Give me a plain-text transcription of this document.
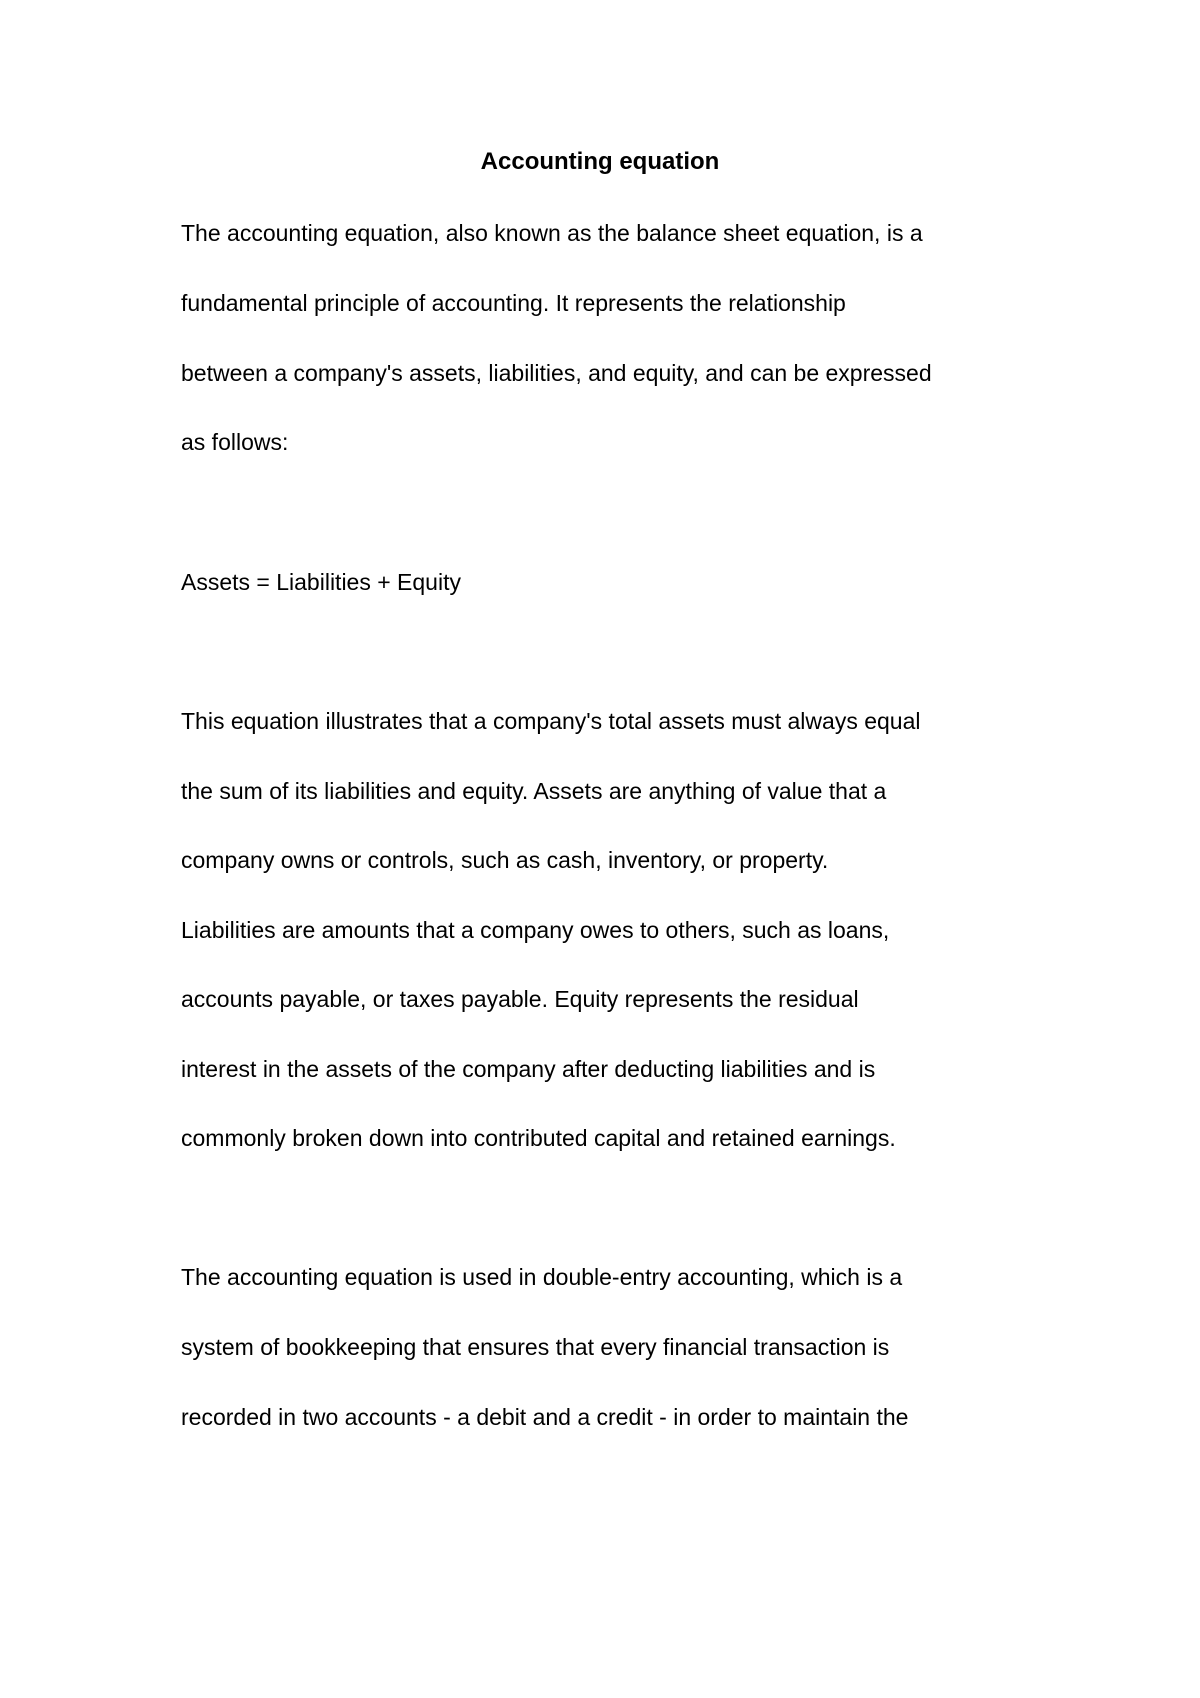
Accounting equation
The accounting equation, also known as the balance sheet equation, is a
fundamental principle of accounting. It represents the relationship
between a company's assets, liabilities, and equity, and can be expressed
as follows:
Assets = Liabilities + Equity
This equation illustrates that a company's total assets must always equal
the sum of its liabilities and equity. Assets are anything of value that a
company owns or controls, such as cash, inventory, or property.
Liabilities are amounts that a company owes to others, such as loans,
accounts payable, or taxes payable. Equity represents the residual
interest in the assets of the company after deducting liabilities and is
commonly broken down into contributed capital and retained earnings.
The accounting equation is used in double-entry accounting, which is a
system of bookkeeping that ensures that every financial transaction is
recorded in two accounts - a debit and a credit - in order to maintain the
